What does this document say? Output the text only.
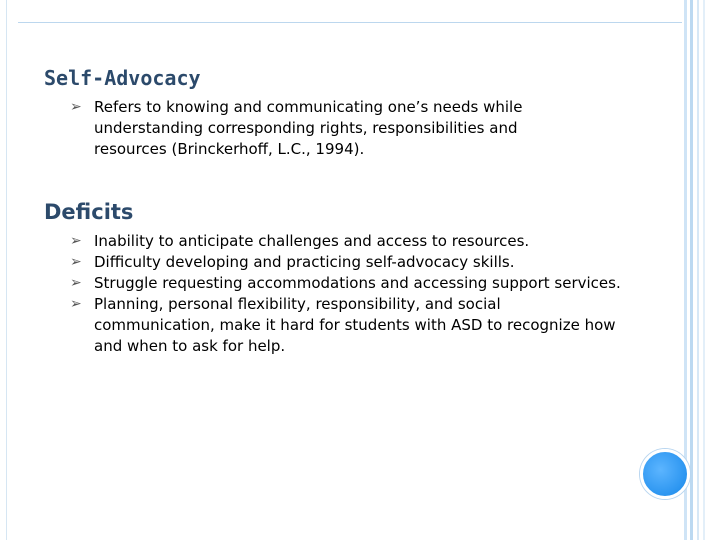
Self-Advocacy
➢ Refers to knowing and communicating one’s needs while understanding corresponding rights, responsibilities and resources (Brinckerhoff, L.C., 1994).
Deficits
➢ Inability to anticipate challenges and access to resources.
➢ Difficulty developing and practicing self-advocacy skills.
➢ Struggle requesting accommodations and accessing support services.
➢ Planning, personal flexibility, responsibility, and social communication, make it hard for students with ASD to recognize how and when to ask for help.
